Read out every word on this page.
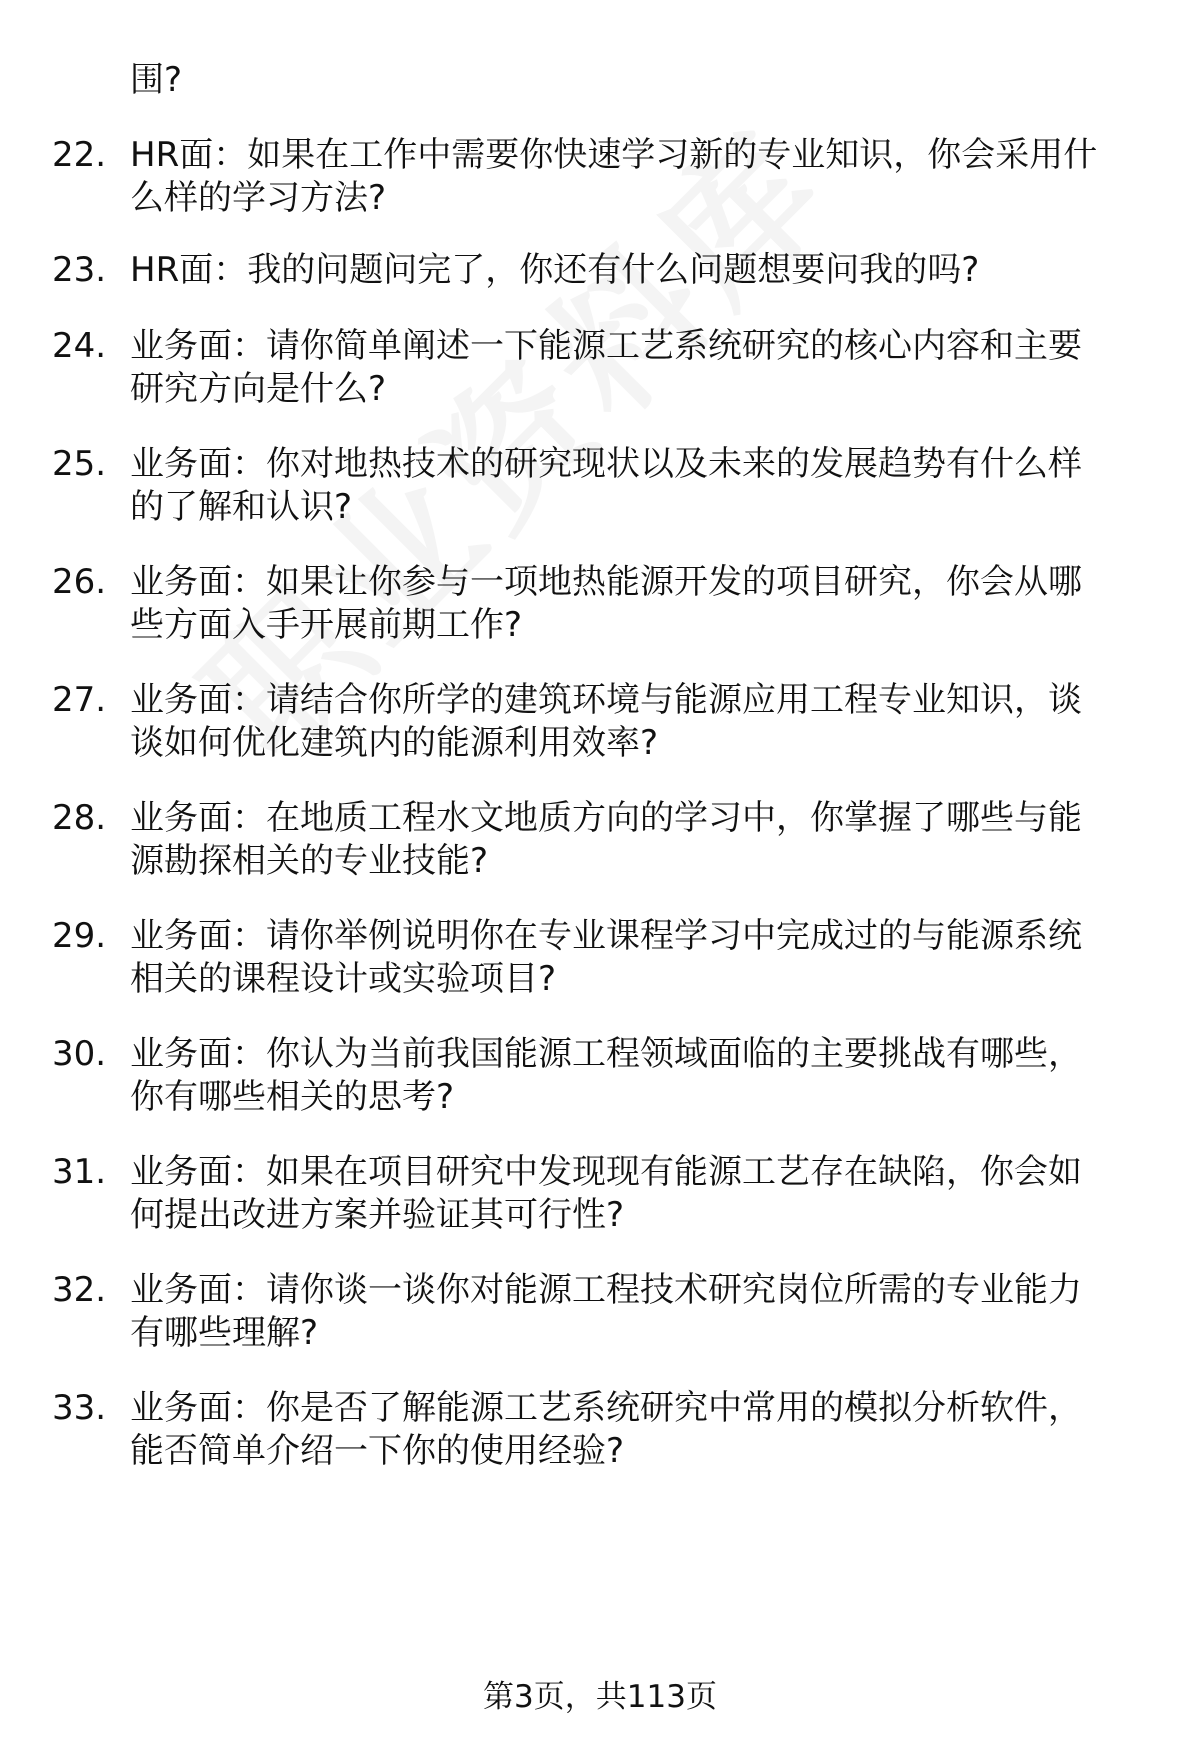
围?
22. HR面：如果在工作中需要你快速学习新的专业知识，你会采用什
么样的学习方法?
23. HR面：我的问题问完了，你还有什么问题想要问我的吗?
24. 业务面：请你简单阐述一下能源工艺系统研究的核心内容和主要
研究方向是什么?
25. 业务面：你对地热技术的研究现状以及未来的发展趋势有什么样
的了解和认识?
26. 业务面：如果让你参与一项地热能源开发的项目研究，你会从哪
些方面入手开展前期工作?
27. 业务面：请结合你所学的建筑环境与能源应用工程专业知识，谈
谈如何优化建筑内的能源利用效率?
28. 业务面：在地质工程水文地质方向的学习中，你掌握了哪些与能
源勘探相关的专业技能?
29. 业务面：请你举例说明你在专业课程学习中完成过的与能源系统
相关的课程设计或实验项目?
30. 业务面：你认为当前我国能源工程领域面临的主要挑战有哪些，
你有哪些相关的思考?
31. 业务面：如果在项目研究中发现现有能源工艺存在缺陷，你会如
何提出改进方案并验证其可行性?
32. 业务面：请你谈一谈你对能源工程技术研究岗位所需的专业能力
有哪些理解?
33. 业务面：你是否了解能源工艺系统研究中常用的模拟分析软件，
能否简单介绍一下你的使用经验?
第3页，共113页
